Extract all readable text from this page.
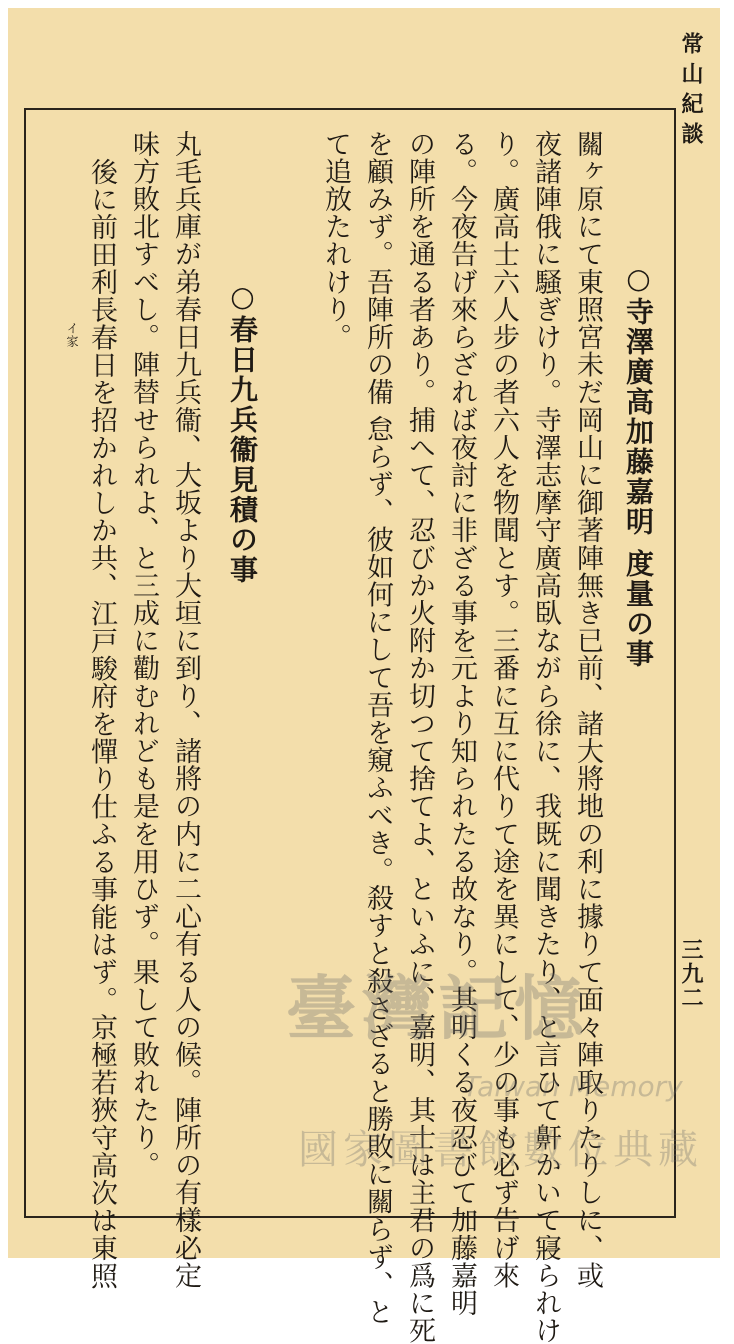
常山紀談
三九二
○寺澤廣高加藤嘉明 度量の事
關ヶ原にて東照宮未だ岡山に御著陣無き已前、諸大將地の利に據りて面々陣取りたりしに、或
夜諸陣俄に騒ぎけり。寺澤志摩守廣高臥ながら徐に、我既に聞きたり、と言ひて鼾かいて寢られけ
り。廣高士六人步の者六人を物聞とす。三番に互に代りて途を異にして、少の事も必ず告げ來
る。今夜告げ來らざれば夜討に非ざる事を元より知られたる故なり。其明くる夜忍びて加藤嘉明
の陣所を通る者あり。捕へて、忍びか火附か切つて捨てよ、といふに、嘉明、其士は主君の爲に死
を顧みず。吾陣所の備 怠らず、彼如何にして吾を窺ふべき。殺すと殺さざると勝敗に關らず、と
て追放たれけり。
○春日九兵衞見積の事
丸毛兵庫が弟春日九兵衞、大坂より大垣に到り、諸將の内に二心有る人の候。陣所の有樣必定
味方敗北すべし。陣替せられよ、と三成に勸むれども是を用ひず。果して敗れたり。
後に前田利長春日を招かれしか共、江戸駿府を憚り仕ふる事能はず。京極若狹守高次は東照
イ家
臺灣記憶
Taiwan Memory
國家圖書館數位典藏
